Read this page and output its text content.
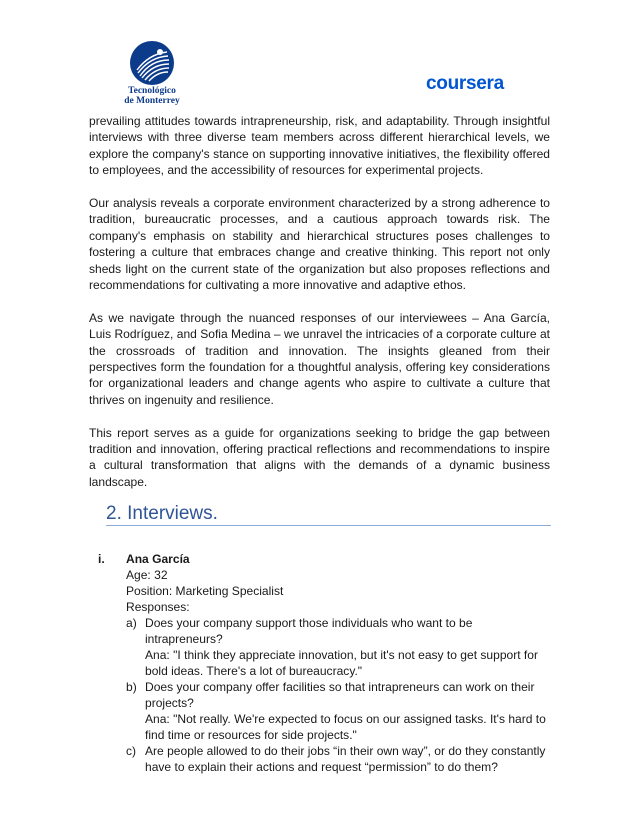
Tecnológico
de Monterrey
coursera

prevailing attitudes towards intrapreneurship, risk, and adaptability. Through insightful interviews with three diverse team members across different hierarchical levels, we explore the company's stance on supporting innovative initiatives, the flexibility offered to employees, and the accessibility of resources for experimental projects.

Our analysis reveals a corporate environment characterized by a strong adherence to tradition, bureaucratic processes, and a cautious approach towards risk. The company's emphasis on stability and hierarchical structures poses challenges to fostering a culture that embraces change and creative thinking. This report not only sheds light on the current state of the organization but also proposes reflections and recommendations for cultivating a more innovative and adaptive ethos.

As we navigate through the nuanced responses of our interviewees – Ana García, Luis Rodríguez, and Sofia Medina – we unravel the intricacies of a corporate culture at the crossroads of tradition and innovation. The insights gleaned from their perspectives form the foundation for a thoughtful analysis, offering key considerations for organizational leaders and change agents who aspire to cultivate a culture that thrives on ingenuity and resilience.

This report serves as a guide for organizations seeking to bridge the gap between tradition and innovation, offering practical reflections and recommendations to inspire a cultural transformation that aligns with the demands of a dynamic business landscape.

2. Interviews.
i. Ana García
Age: 32
Position: Marketing Specialist
Responses:
a) Does your company support those individuals who want to be intrapreneurs?
Ana: "I think they appreciate innovation, but it's not easy to get support for bold ideas. There's a lot of bureaucracy."
b) Does your company offer facilities so that intrapreneurs can work on their projects?
Ana: "Not really. We're expected to focus on our assigned tasks. It's hard to find time or resources for side projects."
c) Are people allowed to do their jobs “in their own way”, or do they constantly have to explain their actions and request “permission” to do them?
